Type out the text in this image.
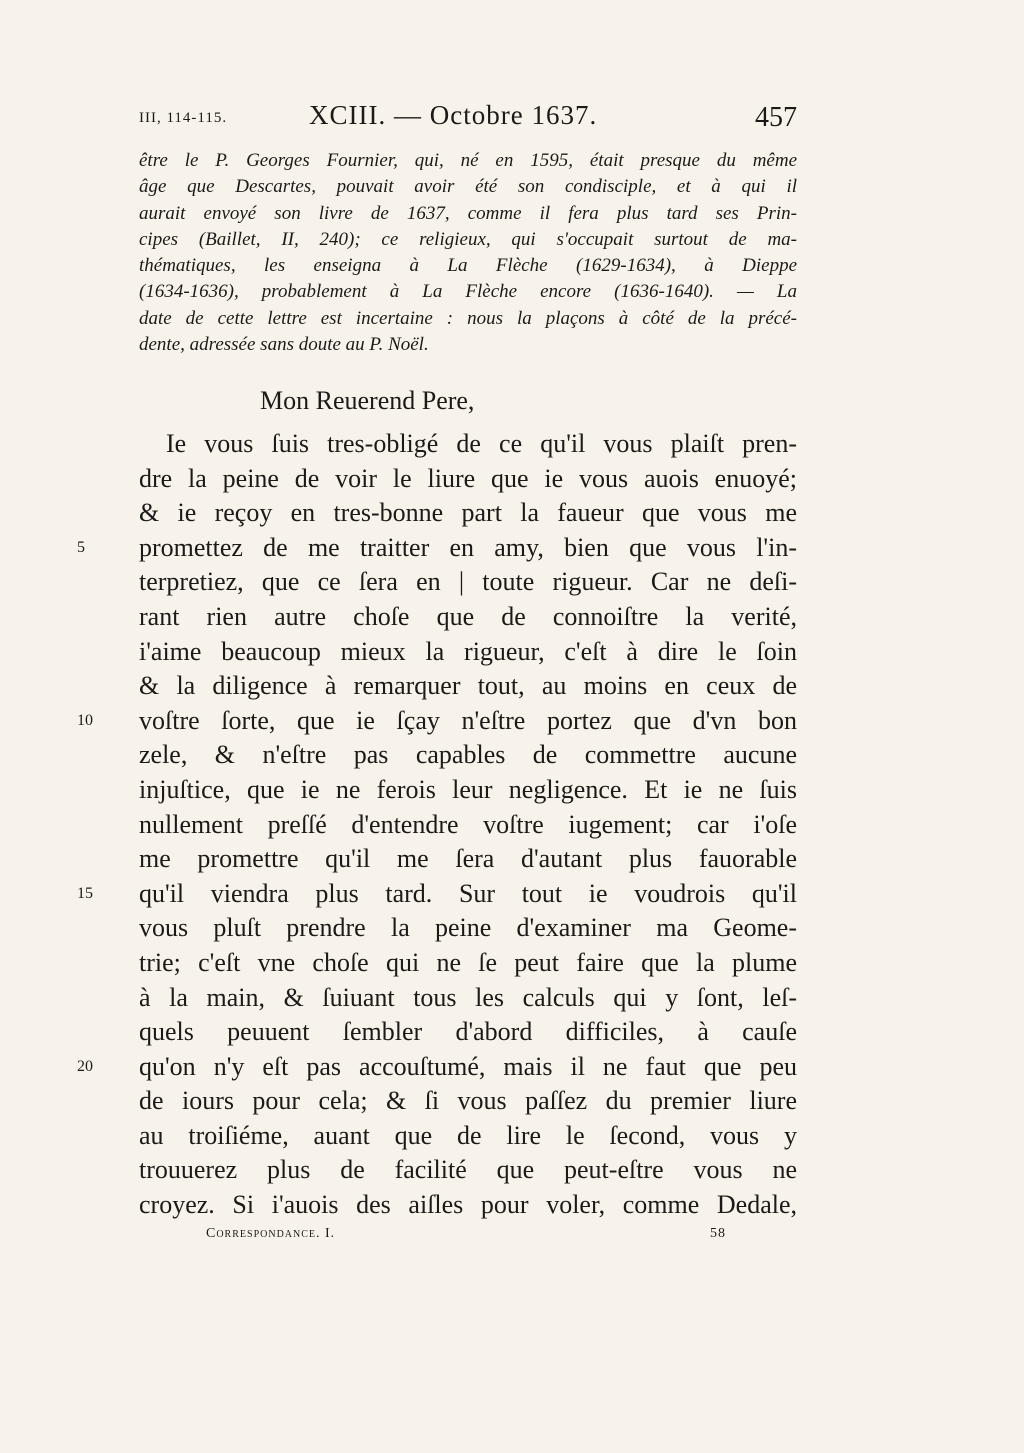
III, 114-115.	XCIII. — Octobre 1637.	457
être le P. Georges Fournier, qui, né en 1595, était presque du même
âge que Descartes, pouvait avoir été son condisciple, et à qui il
aurait envoyé son livre de 1637, comme il fera plus tard ses Prin-
cipes (Baillet, II, 240); ce religieux, qui s'occupait surtout de ma-
thématiques, les enseigna à La Flèche (1629-1634), à Dieppe
(1634-1636), probablement à La Flèche encore (1636-1640). — La
date de cette lettre est incertaine : nous la plaçons à côté de la précé-
dente, adressée sans doute au P. Noël.
Mon Reuerend Pere,
Ie vous ſuis tres-obligé de ce qu'il vous plaiſt pren-
dre la peine de voir le liure que ie vous auois enuoyé;
& ie reçoy en tres-bonne part la faueur que vous me
promettez de me traitter en amy, bien que vous l'in-
5
terpretiez, que ce ſera en | toute rigueur. Car ne deſi-
rant rien autre choſe que de connoiſtre la verité,
i'aime beaucoup mieux la rigueur, c'eſt à dire le ſoin
& la diligence à remarquer tout, au moins en ceux de
voſtre ſorte, que ie ſçay n'eſtre portez que d'vn bon
10
zele, & n'eſtre pas capables de commettre aucune
injuſtice, que ie ne ferois leur negligence. Et ie ne ſuis
nullement preſſé d'entendre voſtre iugement; car i'oſe
me promettre qu'il me ſera d'autant plus fauorable
qu'il viendra plus tard. Sur tout ie voudrois qu'il
15
vous pluſt prendre la peine d'examiner ma Geome-
trie; c'eſt vne choſe qui ne ſe peut faire que la plume
à la main, & ſuiuant tous les calculs qui y ſont, leſ-
quels peuuent ſembler d'abord difficiles, à cauſe
qu'on n'y eſt pas accouſtumé, mais il ne faut que peu
20
de iours pour cela; & ſi vous paſſez du premier liure
au troiſiéme, auant que de lire le ſecond, vous y
trouuerez plus de facilité que peut-eſtre vous ne
croyez. Si i'auois des aiſles pour voler, comme Dedale,
Correspondance. I.	58
